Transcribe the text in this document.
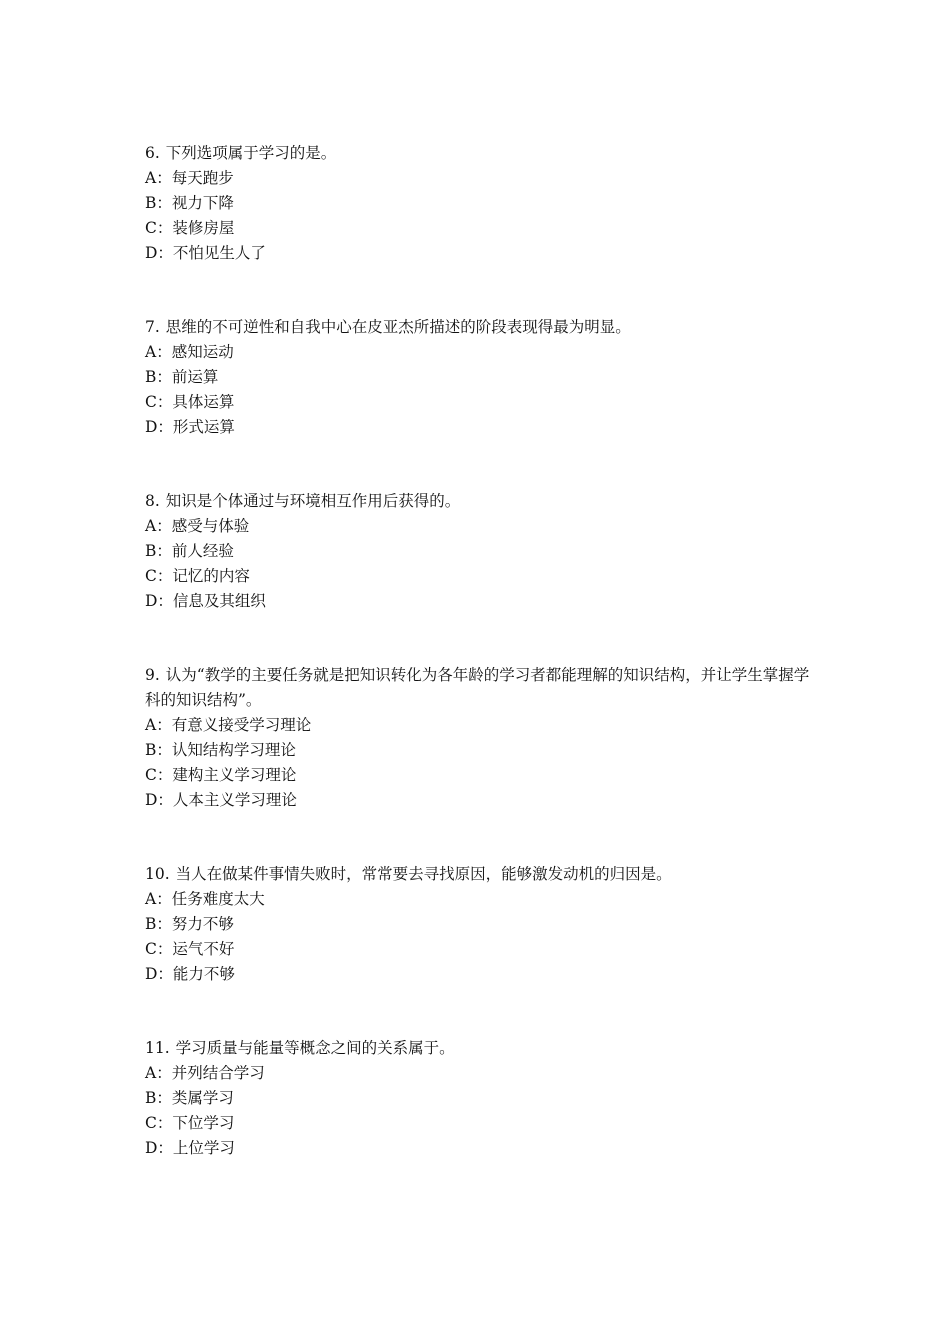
6. 下列选项属于学习的是。

A：每天跑步

B：视力下降

C：装修房屋

D：不怕见生人了

7. 思维的不可逆性和自我中心在皮亚杰所描述的阶段表现得最为明显。

A：感知运动

B：前运算

C：具体运算

D：形式运算

8. 知识是个体通过与环境相互作用后获得的。

A：感受与体验

B：前人经验

C：记忆的内容

D：信息及其组织

9. 认为“教学的主要任务就是把知识转化为各年龄的学习者都能理解的知识结构，并让学生掌握学科的知识结构”。

A：有意义接受学习理论

B：认知结构学习理论

C：建构主义学习理论

D：人本主义学习理论

10. 当人在做某件事情失败时，常常要去寻找原因，能够激发动机的归因是。

A：任务难度太大

B：努力不够

C：运气不好

D：能力不够

11. 学习质量与能量等概念之间的关系属于。

A：并列结合学习

B：类属学习

C：下位学习

D：上位学习
